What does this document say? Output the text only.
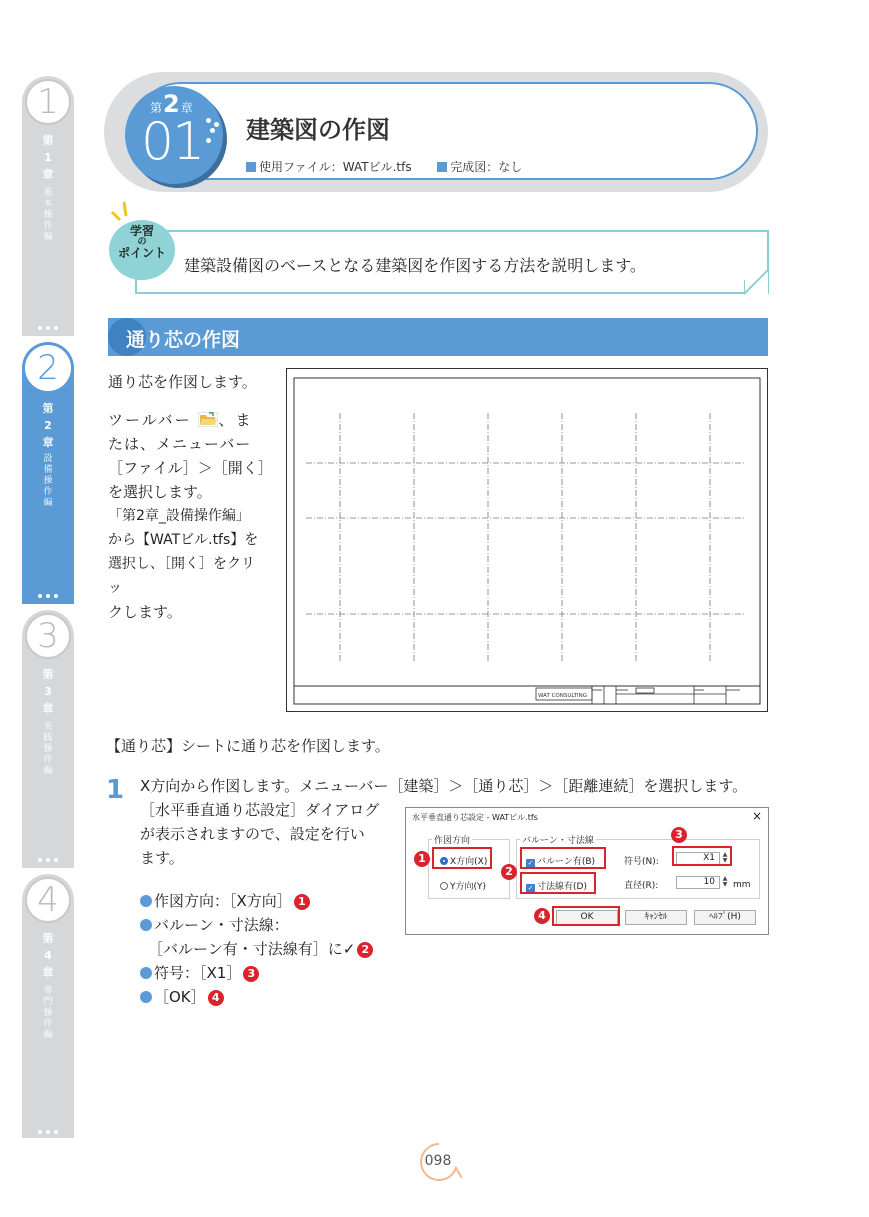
1
第
1
章
基
本
操
作
編
2
第
2
章
設
備
操
作
編
3
第
3
章
実
践
操
作
編
4
第
4
章
専
門
操
作
編
第2章
01 建築図の作図
使用ファイル：WATビル.tfs	完成図：なし
学習
の
ポイント
建築設備図のベースとなる建築図を作図する方法を説明します。
通り芯の作図
通り芯を作図します。
ツールバー 、ま
たは、メニューバー
［ファイル］＞［開く］
を選択します。
「第2章_設備操作編」
から【WATビル.tfs】を
選択し、［開く］をクリッ
クします。
WAT CONSULTING
【通り芯】シートに通り芯を作図します。
1 X方向から作図します。メニューバー［建築］＞［通り芯］＞［距離連続］を選択します。
［水平垂直通り芯設定］ダイアログ
が表示されますので、設定を行い
ます。
作図方向：［X方向］ 1
バルーン・寸法線：
［バルーン有・寸法線有］に✓ 2
符号：［X1］ 3
［OK］ 4
水平垂直通り芯設定 - WATビル.tfs	×
作図方向
X方向(X)
Y方向(Y)
バルーン・寸法線
✓ バルーン有(B)
✓ 寸法線有(D)
符号(N):	X1	▲
▼
直径(R):	10	▲
▼ mm
OK	ｷｬﾝｾﾙ	ﾍﾙﾌﾟ(H)
1
2
3
4
098
